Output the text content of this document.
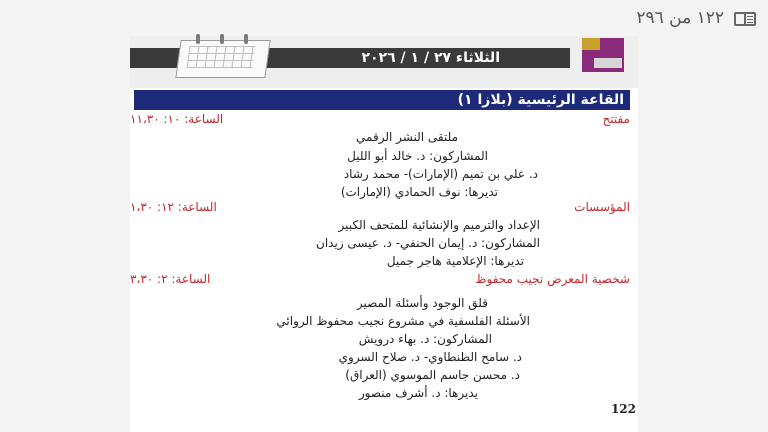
١٢٢ من ٢٩٦
الثلاثاء ٢٧ / ١ / ٢٠٢٦
القاعة الرئيسية (بلازا ١)
مفتتح
الساعة: ١٠: ١١،٣٠
ملتقى النشر الرقمي
المشاركون: د. خالد أبو الليل
د. علي بن تميم (الإمارات)- محمد رشاد
تديرها: نوف الحمادي (الإمارات)
المؤسسات
الساعة: ١٢: ١،٣٠
الإعداد والترميم والإنشائية للمتحف الكبير
المشاركون: د. إيمان الحنفي- د. عيسى زيدان
تديرها: الإعلامية هاجر جميل
شخصية المعرض نجيب محفوظ
الساعة: ٢: ٣،٣٠
قلق الوجود وأسئلة المصير
الأسئلة الفلسفية في مشروع نجيب محفوظ الروائي
المشاركون: د. بهاء درويش
د. سامح الطنطاوي- د. صلاح السروي
د. محسن جاسم الموسوي (العراق)
يديرها: د. أشرف منصور
122
